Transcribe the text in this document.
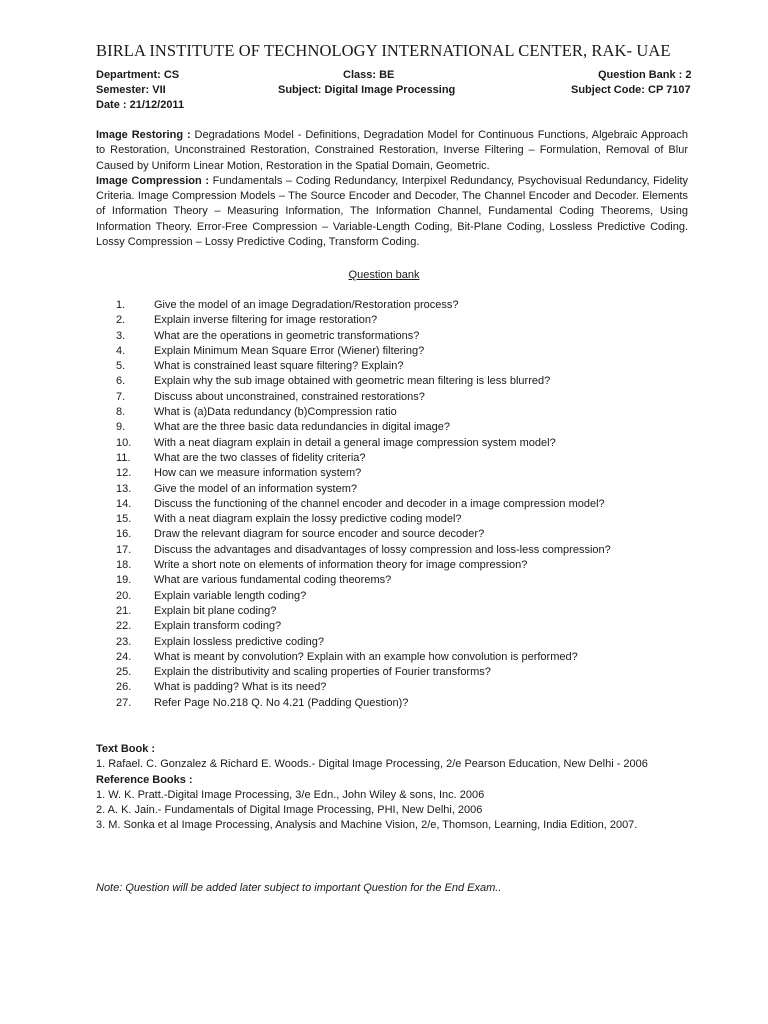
BIRLA INSTITUTE OF TECHNOLOGY INTERNATIONAL CENTER, RAK- UAE
Department: CS	Class: BE	Question Bank : 2
Semester: VII	Subject: Digital Image Processing	Subject Code: CP 7107
Date : 21/12/2011

Image Restoring : Degradations Model - Definitions, Degradation Model for Continuous Functions, Algebraic Approach to Restoration, Unconstrained Restoration, Constrained Restoration, Inverse Filtering – Formulation, Removal of Blur Caused by Uniform Linear Motion, Restoration in the Spatial Domain, Geometric.

Image Compression : Fundamentals – Coding Redundancy, Interpixel Redundancy, Psychovisual Redundancy, Fidelity Criteria. Image Compression Models – The Source Encoder and Decoder, The Channel Encoder and Decoder. Elements of Information Theory – Measuring Information, The Information Channel, Fundamental Coding Theorems, Using Information Theory. Error-Free Compression – Variable-Length Coding, Bit-Plane Coding, Lossless Predictive Coding. Lossy Compression – Lossy Predictive Coding, Transform Coding.

Question bank
1.	Give the model of an image Degradation/Restoration process?
2.	Explain inverse filtering for image restoration?
3.	What are the operations in geometric transformations?
4.	Explain Minimum Mean Square Error (Wiener) filtering?
5.	What is constrained least square filtering? Explain?
6.	Explain why the sub image obtained with geometric mean filtering is less blurred?
7.	Discuss about unconstrained, constrained restorations?
8.	What is (a)Data redundancy (b)Compression ratio
9.	What are the three basic data redundancies in digital image?
10.	With a neat diagram explain in detail a general image compression system model?
11.	What are the two classes of fidelity criteria?
12.	How can we measure information system?
13.	Give the model of an information system?
14.	Discuss the functioning of the channel encoder and decoder in a image compression model?
15.	With a neat diagram explain the lossy predictive coding model?
16.	Draw the relevant diagram for source encoder and source decoder?
17.	Discuss the advantages and disadvantages of lossy compression and loss-less compression?
18.	Write a short note on elements of information theory for image compression?
19.	What are various fundamental coding theorems?
20.	Explain variable length coding?
21.	Explain bit plane coding?
22.	Explain transform coding?
23.	Explain lossless predictive coding?
24.	What is meant by convolution? Explain with an example how convolution is performed?
25.	Explain the distributivity and scaling properties of Fourier transforms?
26.	What is padding? What is its need?
27.	Refer Page No.218 Q. No 4.21 (Padding Question)?

Text Book :

1. Rafael. C. Gonzalez & Richard E. Woods.- Digital Image Processing, 2/e Pearson Education, New Delhi - 2006

Reference Books :

1. W. K. Pratt.-Digital Image Processing, 3/e Edn., John Wiley & sons, Inc. 2006

2. A. K. Jain.- Fundamentals of Digital Image Processing, PHI, New Delhi, 2006

3. M. Sonka et al Image Processing, Analysis and Machine Vision, 2/e, Thomson, Learning, India Edition, 2007.

Note: Question will be added later subject to important Question for the End Exam..
